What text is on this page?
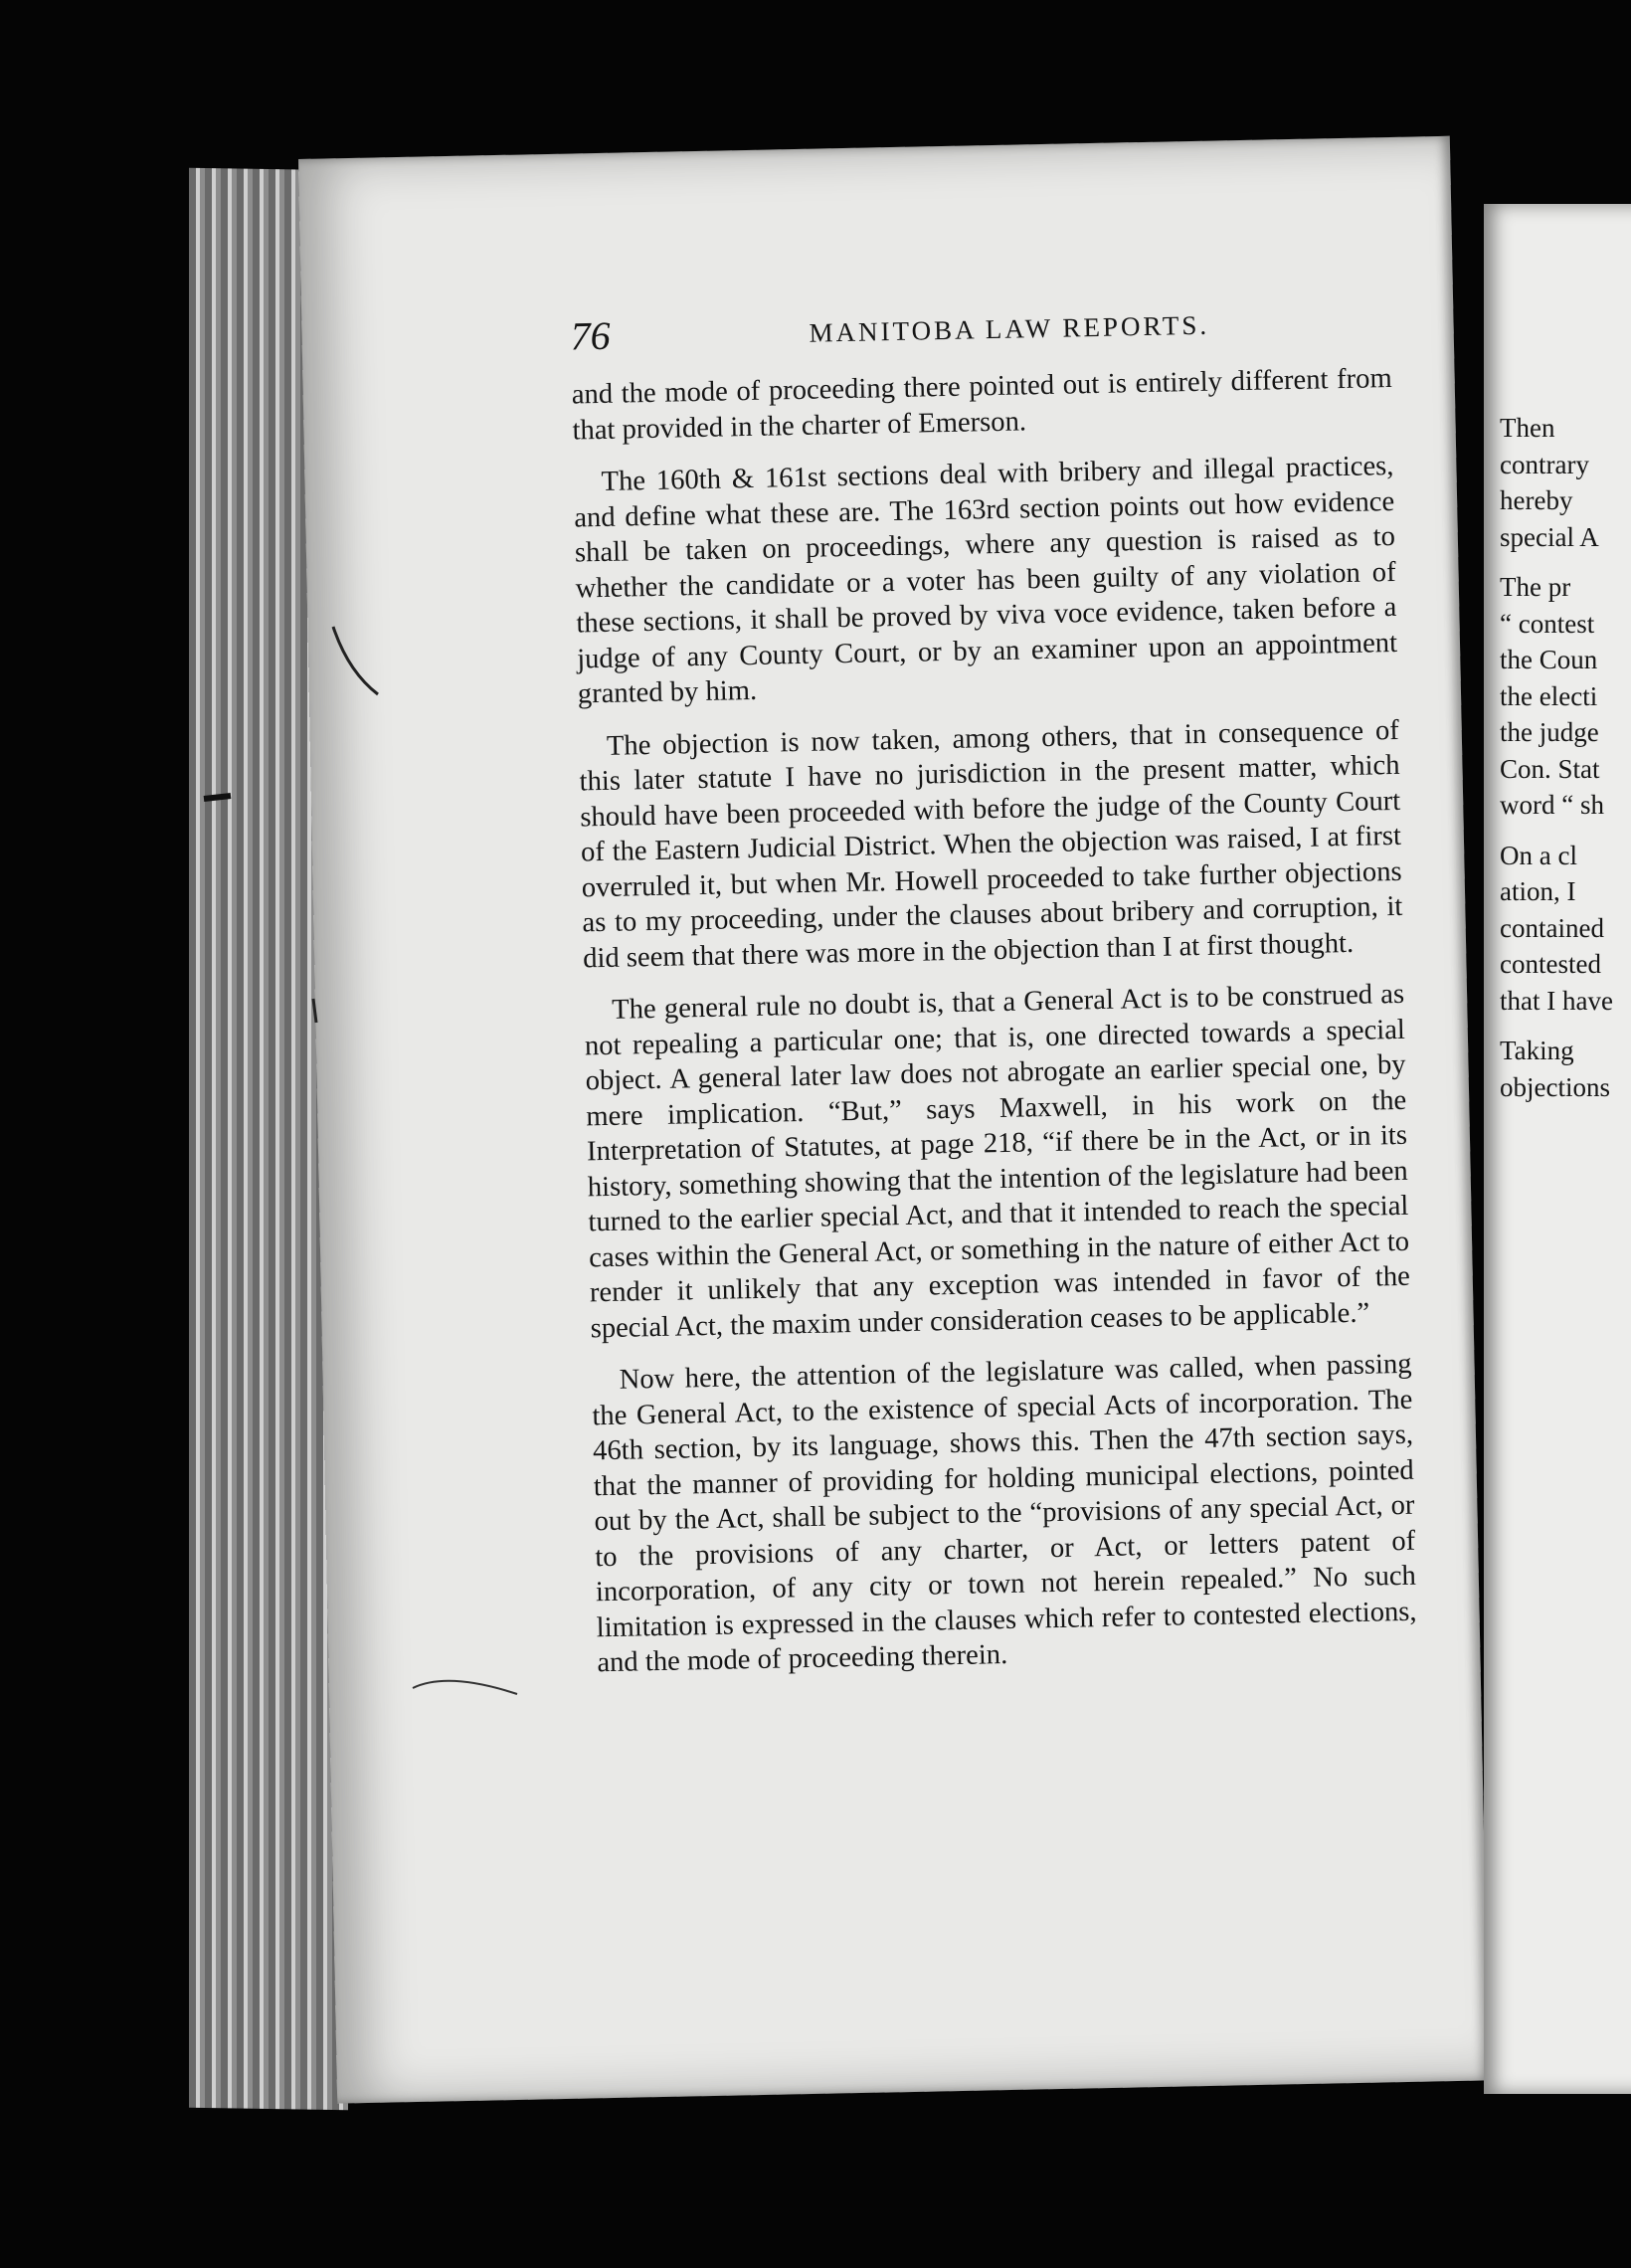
76	MANITOBA LAW REPORTS.

and the mode of proceeding there pointed out is entirely different from that provided in the charter of Emerson.

The 160th & 161st sections deal with bribery and illegal practices, and define what these are. The 163rd section points out how evidence shall be taken on proceedings, where any question is raised as to whether the candidate or a voter has been guilty of any violation of these sections, it shall be proved by viva voce evidence, taken before a judge of any County Court, or by an examiner upon an appointment granted by him.

The objection is now taken, among others, that in consequence of this later statute I have no jurisdiction in the present matter, which should have been proceeded with before the judge of the County Court of the Eastern Judicial District. When the objection was raised, I at first overruled it, but when Mr. Howell proceeded to take further objections as to my proceeding, under the clauses about bribery and corruption, it did seem that there was more in the objection than I at first thought.

The general rule no doubt is, that a General Act is to be construed as not repealing a particular one; that is, one directed towards a special object. A general later law does not abrogate an earlier special one, by mere implication. “But,” says Maxwell, in his work on the Interpretation of Statutes, at page 218, “if there be in the Act, or in its history, something showing that the intention of the legislature had been turned to the earlier special Act, and that it intended to reach the special cases within the General Act, or something in the nature of either Act to render it unlikely that any exception was intended in favor of the special Act, the maxim under consideration ceases to be applicable.”

Now here, the attention of the legislature was called, when passing the General Act, to the existence of special Acts of incorporation. The 46th section, by its language, shows this. Then the 47th section says, that the manner of providing for holding municipal elections, pointed out by the Act, shall be subject to the “provisions of any special Act, or to the provisions of any charter, or Act, or letters patent of incorporation, of any city or town not herein repealed.” No such limitation is expressed in the clauses which refer to contested elections, and the mode of proceeding therein.

Then
contrary
hereby
special A
The pr
“ contest
the Coun
the electi
the judge
Con. Stat
word “ sh
On a cl
ation, I
contained
contested
that I have
Taking
objections
